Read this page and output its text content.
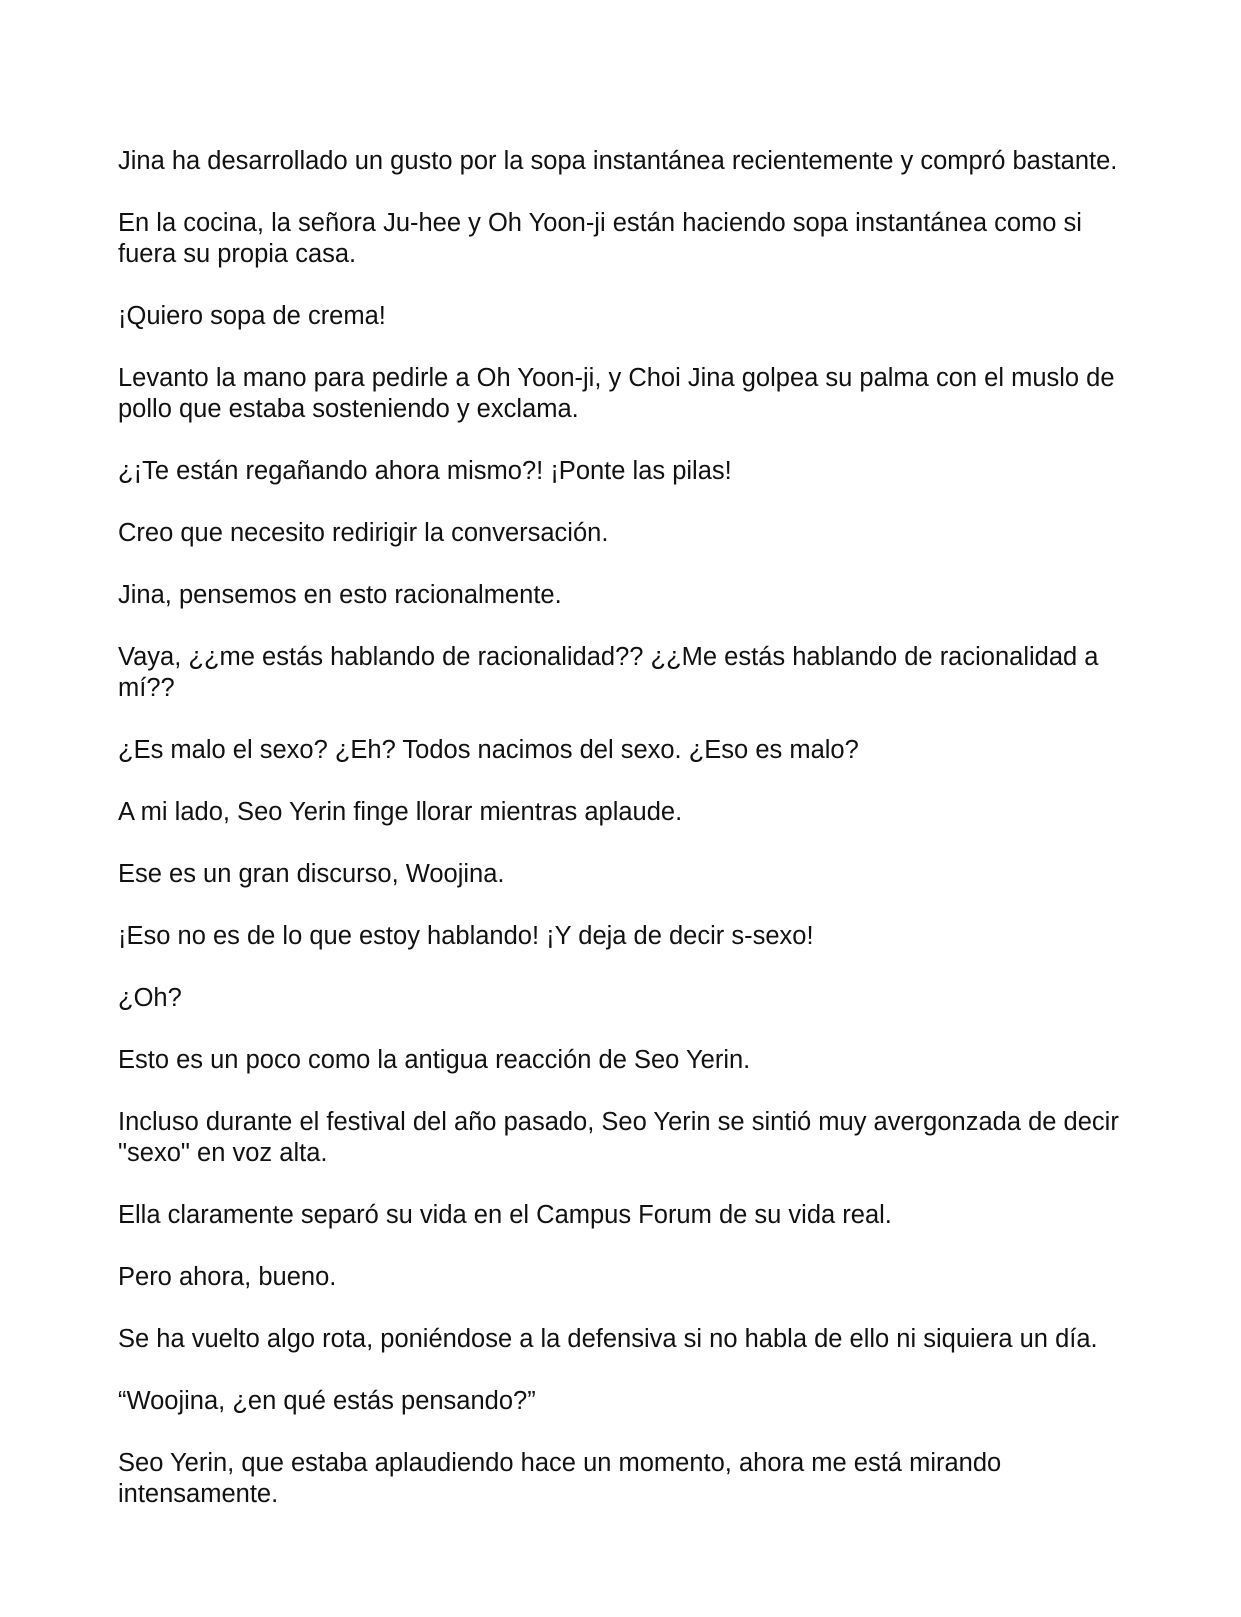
Jina ha desarrollado un gusto por la sopa instantánea recientemente y compró bastante.

En la cocina, la señora Ju-hee y Oh Yoon-ji están haciendo sopa instantánea como si fuera su propia casa.

¡Quiero sopa de crema!

Levanto la mano para pedirle a Oh Yoon-ji, y Choi Jina golpea su palma con el muslo de pollo que estaba sosteniendo y exclama.

¿¡Te están regañando ahora mismo?! ¡Ponte las pilas!

Creo que necesito redirigir la conversación.

Jina, pensemos en esto racionalmente.

Vaya, ¿¿me estás hablando de racionalidad?? ¿¿Me estás hablando de racionalidad a mí??

¿Es malo el sexo? ¿Eh? Todos nacimos del sexo. ¿Eso es malo?

A mi lado, Seo Yerin finge llorar mientras aplaude.

Ese es un gran discurso, Woojina.

¡Eso no es de lo que estoy hablando! ¡Y deja de decir s-sexo!

¿Oh?

Esto es un poco como la antigua reacción de Seo Yerin.

Incluso durante el festival del año pasado, Seo Yerin se sintió muy avergonzada de decir "sexo" en voz alta.

Ella claramente separó su vida en el Campus Forum de su vida real.

Pero ahora, bueno.

Se ha vuelto algo rota, poniéndose a la defensiva si no habla de ello ni siquiera un día.

“Woojina, ¿en qué estás pensando?”

Seo Yerin, que estaba aplaudiendo hace un momento, ahora me está mirando intensamente.
